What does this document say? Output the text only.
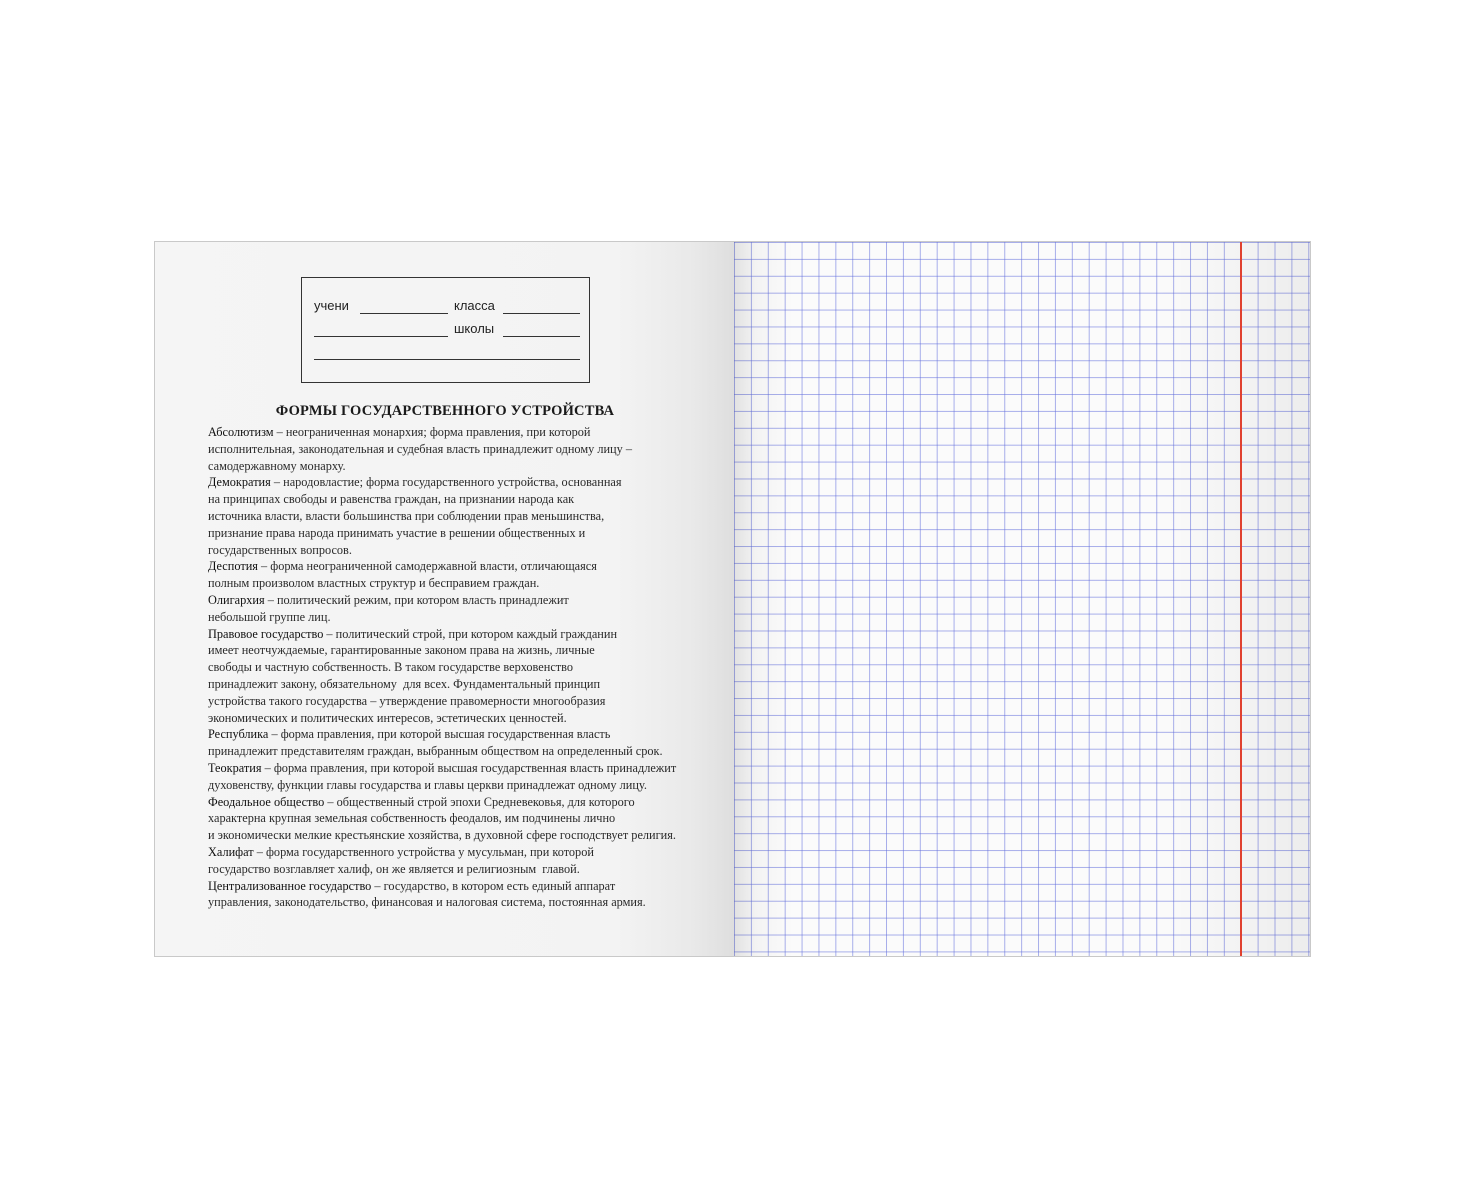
учени	класса
школы
ФОРМЫ ГОСУДАРСТВЕННОГО УСТРОЙСТВА
Абсолютизм – неограниченная монархия; форма правления, при которой
исполнительная, законодательная и судебная власть принадлежит одному лицу –
самодержавному монарху.
Демократия – народовластие; форма государственного устройства, основанная
на принципах свободы и равенства граждан, на признании народа как
источника власти, власти большинства при соблюдении прав меньшинства,
признание права народа принимать участие в решении общественных и
государственных вопросов.
Деспотия – форма неограниченной самодержавной власти, отличающаяся
полным произволом властных структур и бесправием граждан.
Олигархия – политический режим, при котором власть принадлежит
небольшой группе лиц.
Правовое государство – политический строй, при котором каждый гражданин
имеет неотчуждаемые, гарантированные законом права на жизнь, личные
свободы и частную собственность. В таком государстве верховенство
принадлежит закону, обязательному  для всех. Фундаментальный принцип
устройства такого государства – утверждение правомерности многообразия
экономических и политических интересов, эстетических ценностей.
Республика – форма правления, при которой высшая государственная власть
принадлежит представителям граждан, выбранным обществом на определенный срок.
Теократия – форма правления, при которой высшая государственная власть принадлежит
духовенству, функции главы государства и главы церкви принадлежат одному лицу.
Феодальное общество – общественный строй эпохи Средневековья, для которого
характерна крупная земельная собственность феодалов, им подчинены лично
и экономически мелкие крестьянские хозяйства, в духовной сфере господствует религия.
Халифат – форма государственного устройства у мусульман, при которой
государство возглавляет халиф, он же является и религиозным  главой.
Централизованное государство – государство, в котором есть единый аппарат
управления, законодательство, финансовая и налоговая система, постоянная армия.
